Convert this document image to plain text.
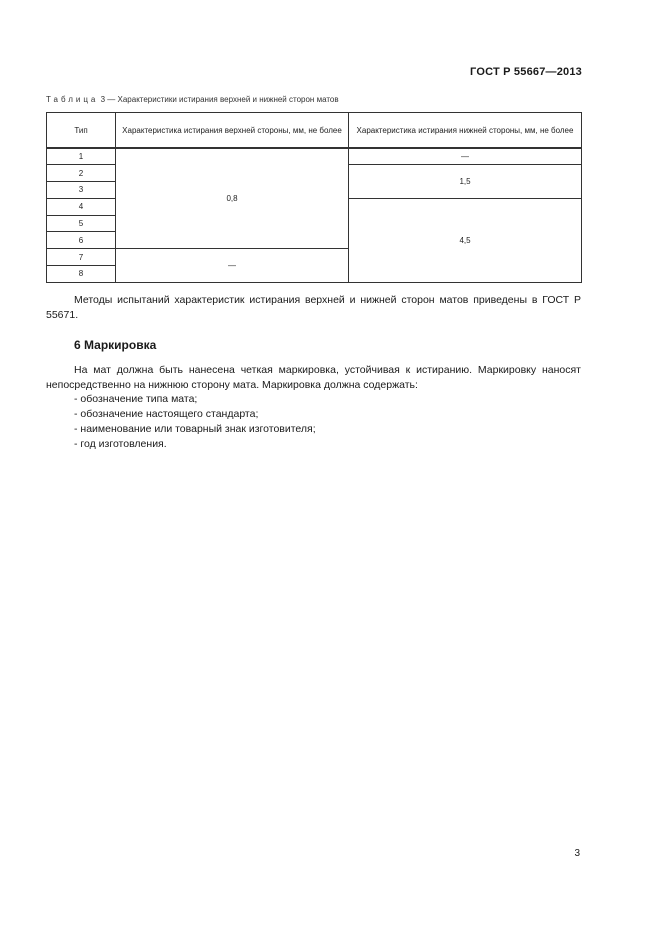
ГОСТ Р 55667—2013
Таблица 3 — Характеристики истирания верхней и нижней сторон матов
Тип	Характеристика истирания верхней стороны, мм, не более	Характеристика истирания нижней стороны, мм, не более
1	0,8	—
2		1,5
3		
4		4,5
5		
6		
7	—	
8		

Методы испытаний характеристик истирания верхней и нижней сторон матов приведены в ГОСТ Р 55671.

6 Маркировка

На мат должна быть нанесена четкая маркировка, устойчивая к истиранию. Маркировку наносят непосредственно на нижнюю сторону мата. Маркировка должна содержать:

- обозначение типа мата;
- обозначение настоящего стандарта;
- наименование или товарный знак изготовителя;
- год изготовления.
3
